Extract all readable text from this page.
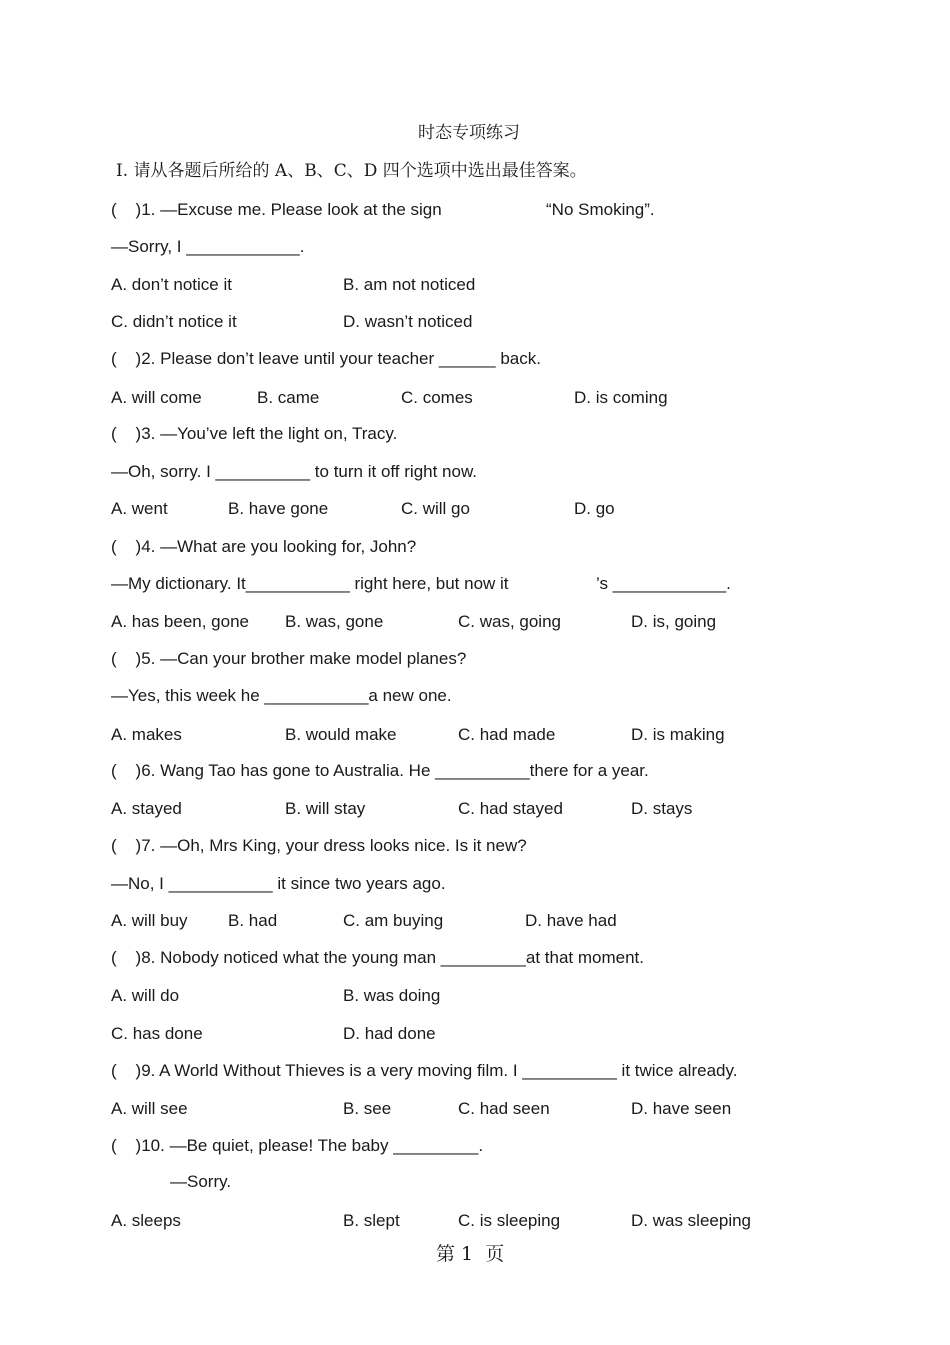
时态专项练习
Ⅰ. 请从各题后所给的 A、B、C、D 四个选项中选出最佳答案。
(    )1. —Excuse me. Please look at the sign	“No Smoking”.
—Sorry, I ____________.
A. don’t notice it	B. am not noticed
C. didn’t notice it	D. wasn’t noticed
(    )2. Please don’t leave until your teacher ______ back.
A. will come	B. came	C. comes	D. is coming
(    )3. —You’ve left the light on, Tracy.
—Oh, sorry. I __________ to turn it off right now.
A. went	B. have gone	C. will go	D. go
(    )4. —What are you looking for, John?
—My dictionary. It___________ right here, but now it	’s ____________.
A. has been, gone B. was, gone	C. was, going	D. is, going
(    )5. —Can your brother make model planes?
—Yes, this week he ___________a new one.
A. makes	B. would make	C. had made	D. is making
(    )6. Wang Tao has gone to Australia. He __________there for a year.
A. stayed	B. will stay	C. had stayed	D. stays
(    )7. —Oh, Mrs King, your dress looks nice. Is it new?
—No, I ___________ it since two years ago.
A. will buy B. had	C. am buying	D. have had
(    )8. Nobody noticed what the young man _________at that moment.
A. will do	B. was doing
C. has done	D. had done
(    )9. A World Without Thieves is a very moving film. I __________ it twice already.
A. will see	B. see	C. had seen	D. have seen
(    )10. —Be quiet, please! The baby _________.
—Sorry.
A. sleeps	B. slept	C. is sleeping	D. was sleeping
第 1  页
